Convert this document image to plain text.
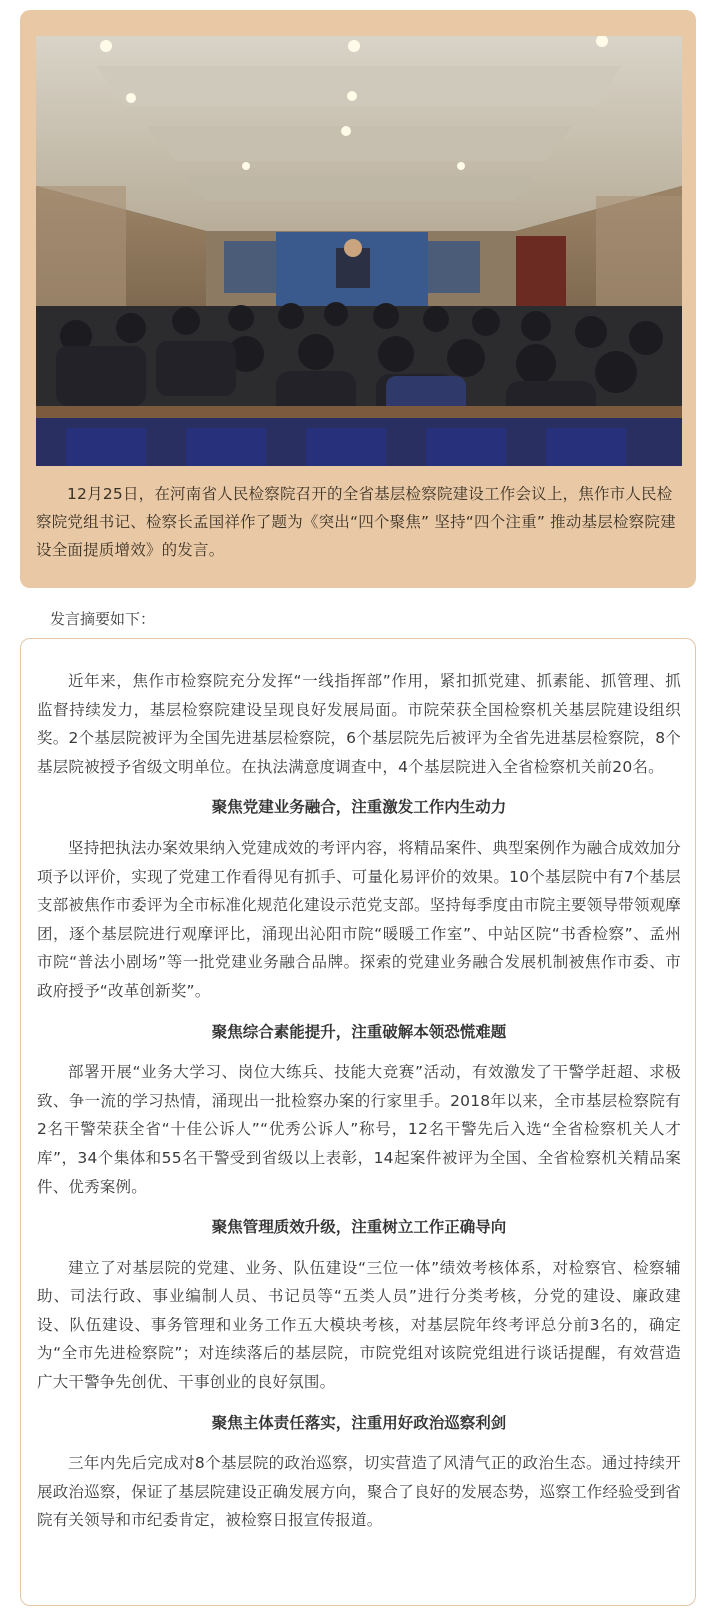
12月25日，在河南省人民检察院召开的全省基层检察院建设工作会议上，焦作市人民检察院党组书记、检察长孟国祥作了题为《突出“四个聚焦” 坚持“四个注重” 推动基层检察院建设全面提质增效》的发言。

发言摘要如下：

近年来，焦作市检察院充分发挥“一线指挥部”作用，紧扣抓党建、抓素能、抓管理、抓监督持续发力，基层检察院建设呈现良好发展局面。市院荣获全国检察机关基层院建设组织奖。2个基层院被评为全国先进基层检察院，6个基层院先后被评为全省先进基层检察院，8个基层院被授予省级文明单位。在执法满意度调查中，4个基层院进入全省检察机关前20名。

聚焦党建业务融合，注重激发工作内生动力

坚持把执法办案效果纳入党建成效的考评内容，将精品案件、典型案例作为融合成效加分项予以评价，实现了党建工作看得见有抓手、可量化易评价的效果。10个基层院中有7个基层支部被焦作市委评为全市标准化规范化建设示范党支部。坚持每季度由市院主要领导带领观摩团，逐个基层院进行观摩评比，涌现出沁阳市院“暖暖工作室”、中站区院“书香检察”、孟州市院“普法小剧场”等一批党建业务融合品牌。探索的党建业务融合发展机制被焦作市委、市政府授予“改革创新奖”。

聚焦综合素能提升，注重破解本领恐慌难题

部署开展“业务大学习、岗位大练兵、技能大竞赛”活动，有效激发了干警学赶超、求极致、争一流的学习热情，涌现出一批检察办案的行家里手。2018年以来，全市基层检察院有2名干警荣获全省“十佳公诉人”“优秀公诉人”称号，12名干警先后入选“全省检察机关人才库”，34个集体和55名干警受到省级以上表彰，14起案件被评为全国、全省检察机关精品案件、优秀案例。

聚焦管理质效升级，注重树立工作正确导向

建立了对基层院的党建、业务、队伍建设“三位一体”绩效考核体系，对检察官、检察辅助、司法行政、事业编制人员、书记员等“五类人员”进行分类考核，分党的建设、廉政建设、队伍建设、事务管理和业务工作五大模块考核，对基层院年终考评总分前3名的，确定为“全市先进检察院”；对连续落后的基层院，市院党组对该院党组进行谈话提醒，有效营造广大干警争先创优、干事创业的良好氛围。

聚焦主体责任落实，注重用好政治巡察利剑

三年内先后完成对8个基层院的政治巡察，切实营造了风清气正的政治生态。通过持续开展政治巡察，保证了基层院建设正确发展方向，聚合了良好的发展态势，巡察工作经验受到省院有关领导和市纪委肯定，被检察日报宣传报道。
